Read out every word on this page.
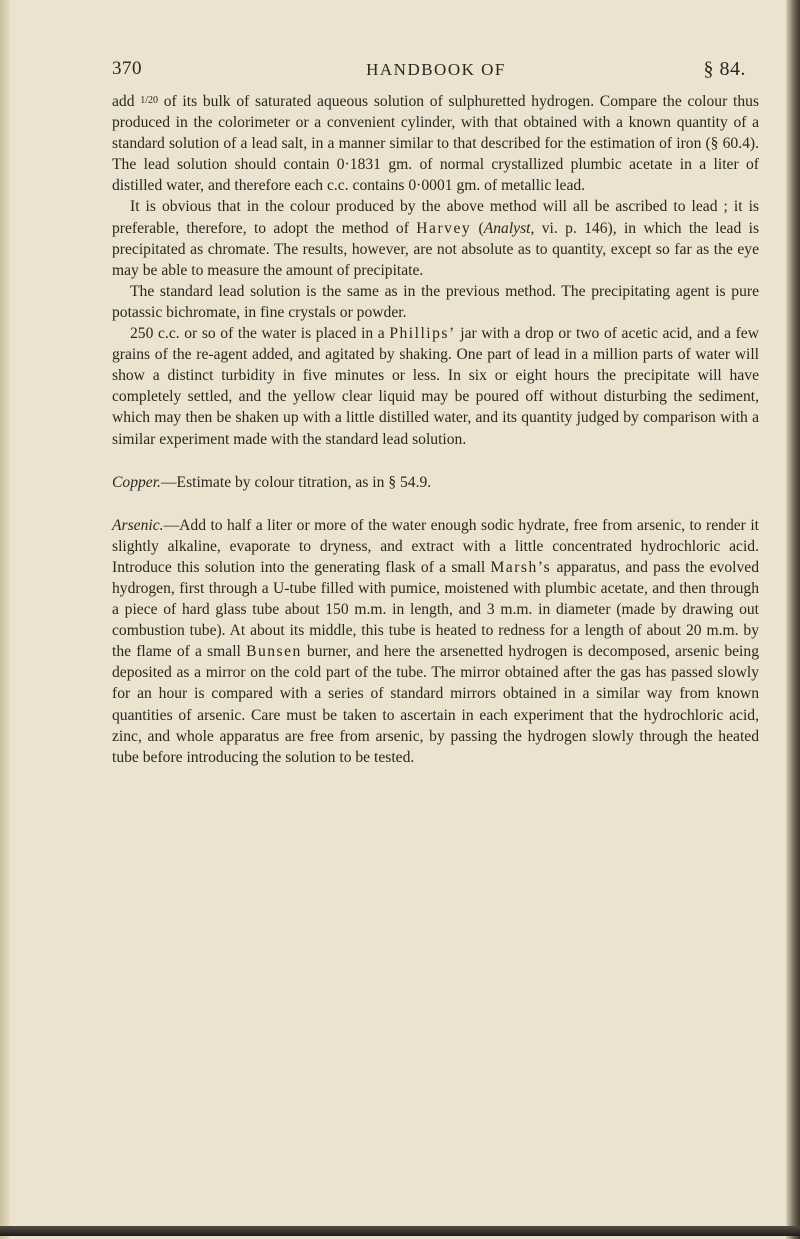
370	HANDBOOK OF	§ 84.

add 1/20 of its bulk of saturated aqueous solution of sulphuretted hydrogen. Compare the colour thus produced in the colorimeter or a convenient cylinder, with that obtained with a known quantity of a standard solution of a lead salt, in a manner similar to that described for the estimation of iron (§ 60.4). The lead solution should contain 0·1831 gm. of normal crystallized plumbic acetate in a liter of distilled water, and therefore each c.c. contains 0·0001 gm. of metallic lead.

It is obvious that in the colour produced by the above method will all be ascribed to lead ; it is preferable, therefore, to adopt the method of Harvey (Analyst, vi. p. 146), in which the lead is precipitated as chromate. The results, however, are not absolute as to quantity, except so far as the eye may be able to measure the amount of precipitate.

The standard lead solution is the same as in the previous method. The precipitating agent is pure potassic bichromate, in fine crystals or powder.

250 c.c. or so of the water is placed in a Phillips’ jar with a drop or two of acetic acid, and a few grains of the re-agent added, and agitated by shaking. One part of lead in a million parts of water will show a distinct turbidity in five minutes or less. In six or eight hours the precipitate will have completely settled, and the yellow clear liquid may be poured off without disturbing the sediment, which may then be shaken up with a little distilled water, and its quantity judged by comparison with a similar experiment made with the standard lead solution.

Copper.—Estimate by colour titration, as in § 54.9.

Arsenic.—Add to half a liter or more of the water enough sodic hydrate, free from arsenic, to render it slightly alkaline, evaporate to dryness, and extract with a little concentrated hydrochloric acid. Introduce this solution into the generating flask of a small Marsh’s apparatus, and pass the evolved hydrogen, first through a U-tube filled with pumice, moistened with plumbic acetate, and then through a piece of hard glass tube about 150 m.m. in length, and 3 m.m. in diameter (made by drawing out combustion tube). At about its middle, this tube is heated to redness for a length of about 20 m.m. by the flame of a small Bunsen burner, and here the arsenetted hydrogen is decomposed, arsenic being deposited as a mirror on the cold part of the tube. The mirror obtained after the gas has passed slowly for an hour is compared with a series of standard mirrors obtained in a similar way from known quantities of arsenic. Care must be taken to ascertain in each experiment that the hydrochloric acid, zinc, and whole apparatus are free from arsenic, by passing the hydrogen slowly through the heated tube before introducing the solution to be tested.
